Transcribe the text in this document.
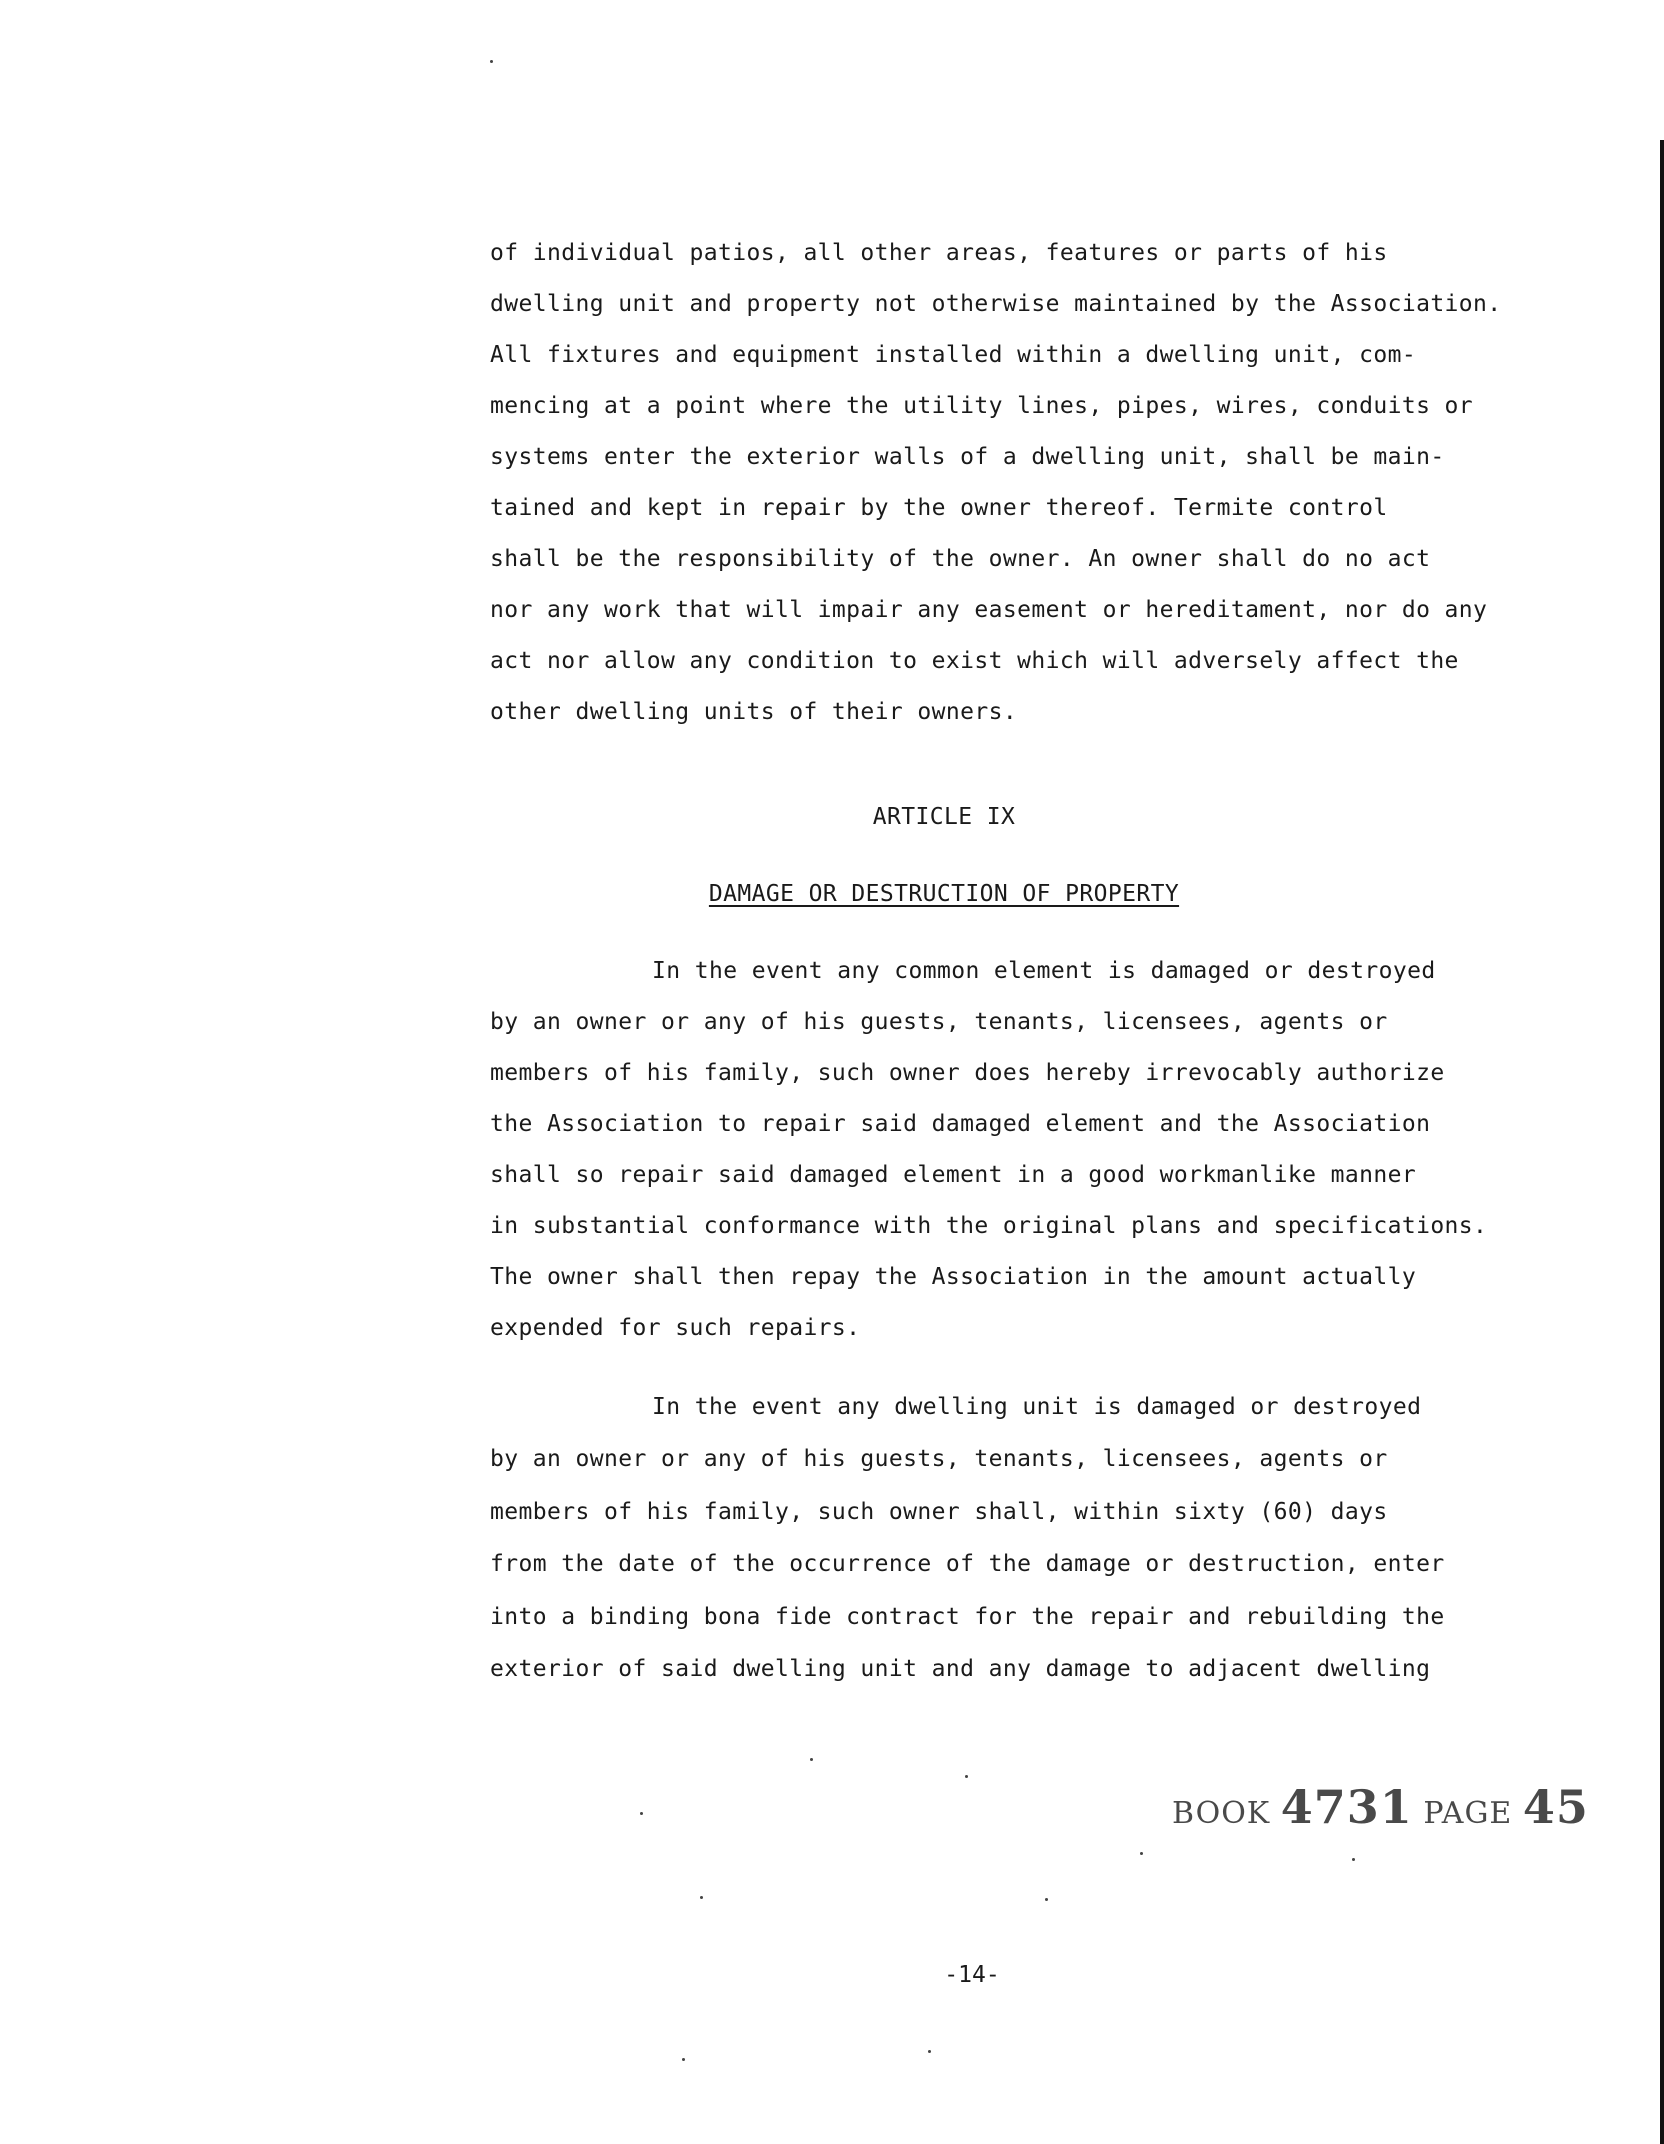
of individual patios, all other areas, features or parts of his
dwelling unit and property not otherwise maintained by the Association.
All fixtures and equipment installed within a dwelling unit, com-
mencing at a point where the utility lines, pipes, wires, conduits or
systems enter the exterior walls of a dwelling unit, shall be main-
tained and kept in repair by the owner thereof. Termite control
shall be the responsibility of the owner. An owner shall do no act
nor any work that will impair any easement or hereditament, nor do any
act nor allow any condition to exist which will adversely affect the
other dwelling units of their owners.
ARTICLE IX
DAMAGE OR DESTRUCTION OF PROPERTY
In the event any common element is damaged or destroyed
by an owner or any of his guests, tenants, licensees, agents or
members of his family, such owner does hereby irrevocably authorize
the Association to repair said damaged element and the Association
shall so repair said damaged element in a good workmanlike manner
in substantial conformance with the original plans and specifications.
The owner shall then repay the Association in the amount actually
expended for such repairs.
In the event any dwelling unit is damaged or destroyed
by an owner or any of his guests, tenants, licensees, agents or
members of his family, such owner shall, within sixty (60) days
from the date of the occurrence of the damage or destruction, enter
into a binding bona fide contract for the repair and rebuilding the
exterior of said dwelling unit and any damage to adjacent dwelling
BOOK 4731 PAGE 45
-14-
